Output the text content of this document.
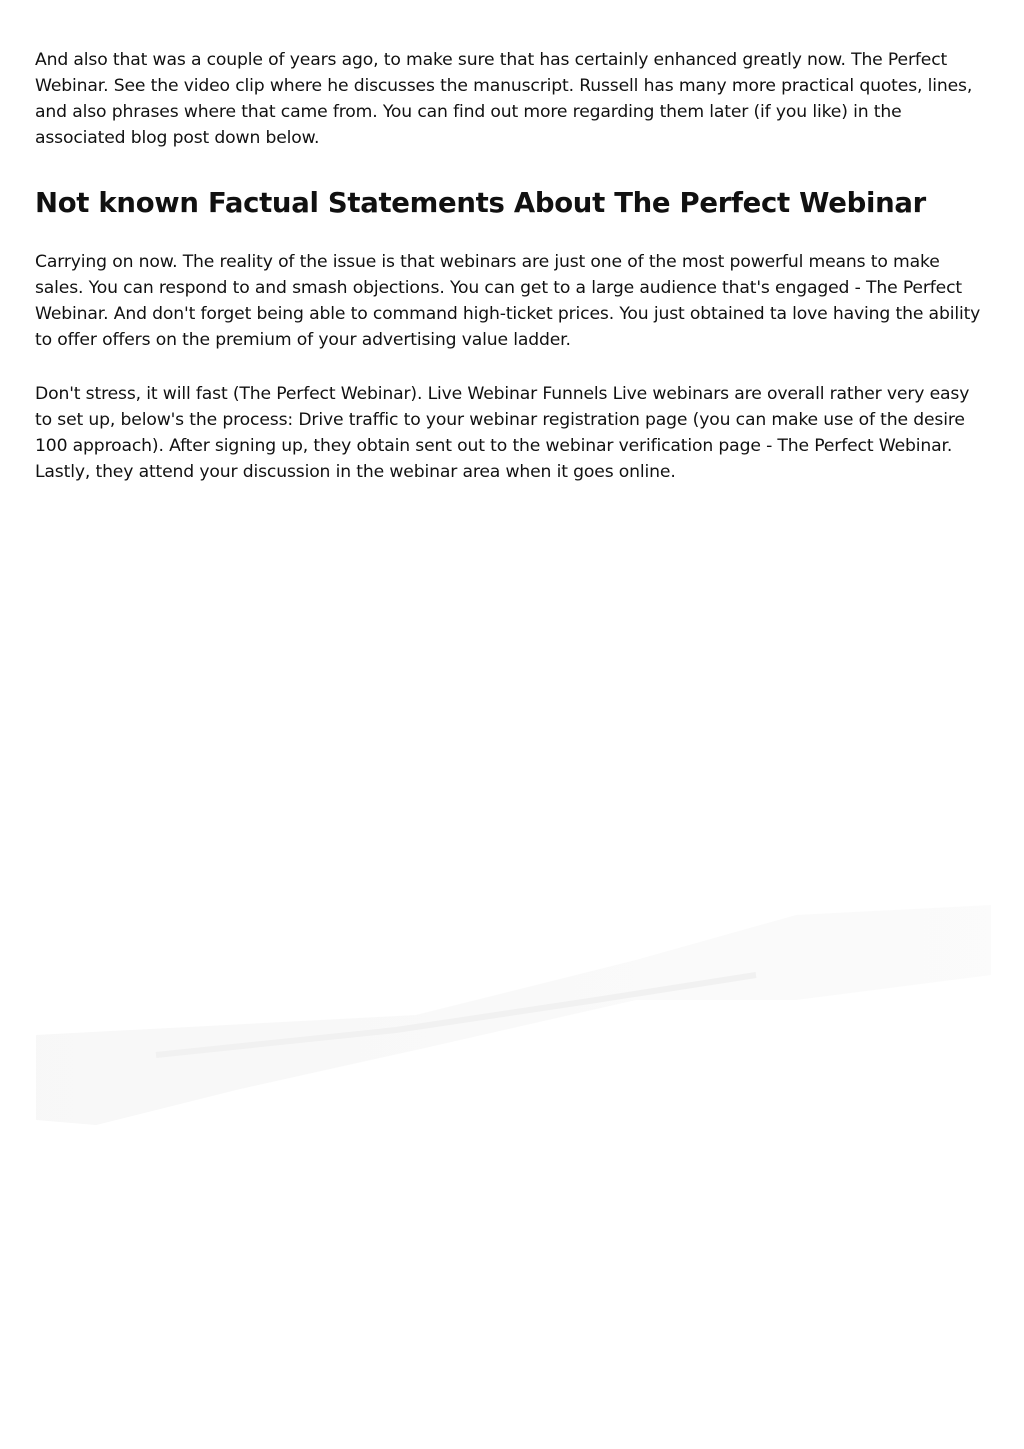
And also that was a couple of years ago, to make sure that has certainly enhanced greatly now. The Perfect Webinar. See the video clip where he discusses the manuscript. Russell has many more practical quotes, lines, and also phrases where that came from. You can find out more regarding them later (if you like) in the associated blog post down below.

Not known Factual Statements About The Perfect Webinar

Carrying on now. The reality of the issue is that webinars are just one of the most powerful means to make sales. You can respond to and smash objections. You can get to a large audience that's engaged - The Perfect Webinar. And don't forget being able to command high-ticket prices. You just obtained ta love having the ability to offer offers on the premium of your advertising value ladder.

Don't stress, it will fast (The Perfect Webinar). Live Webinar Funnels Live webinars are overall rather very easy to set up, below's the process: Drive traffic to your webinar registration page (you can make use of the desire 100 approach). After signing up, they obtain sent out to the webinar verification page - The Perfect Webinar. Lastly, they attend your discussion in the webinar area when it goes online.
